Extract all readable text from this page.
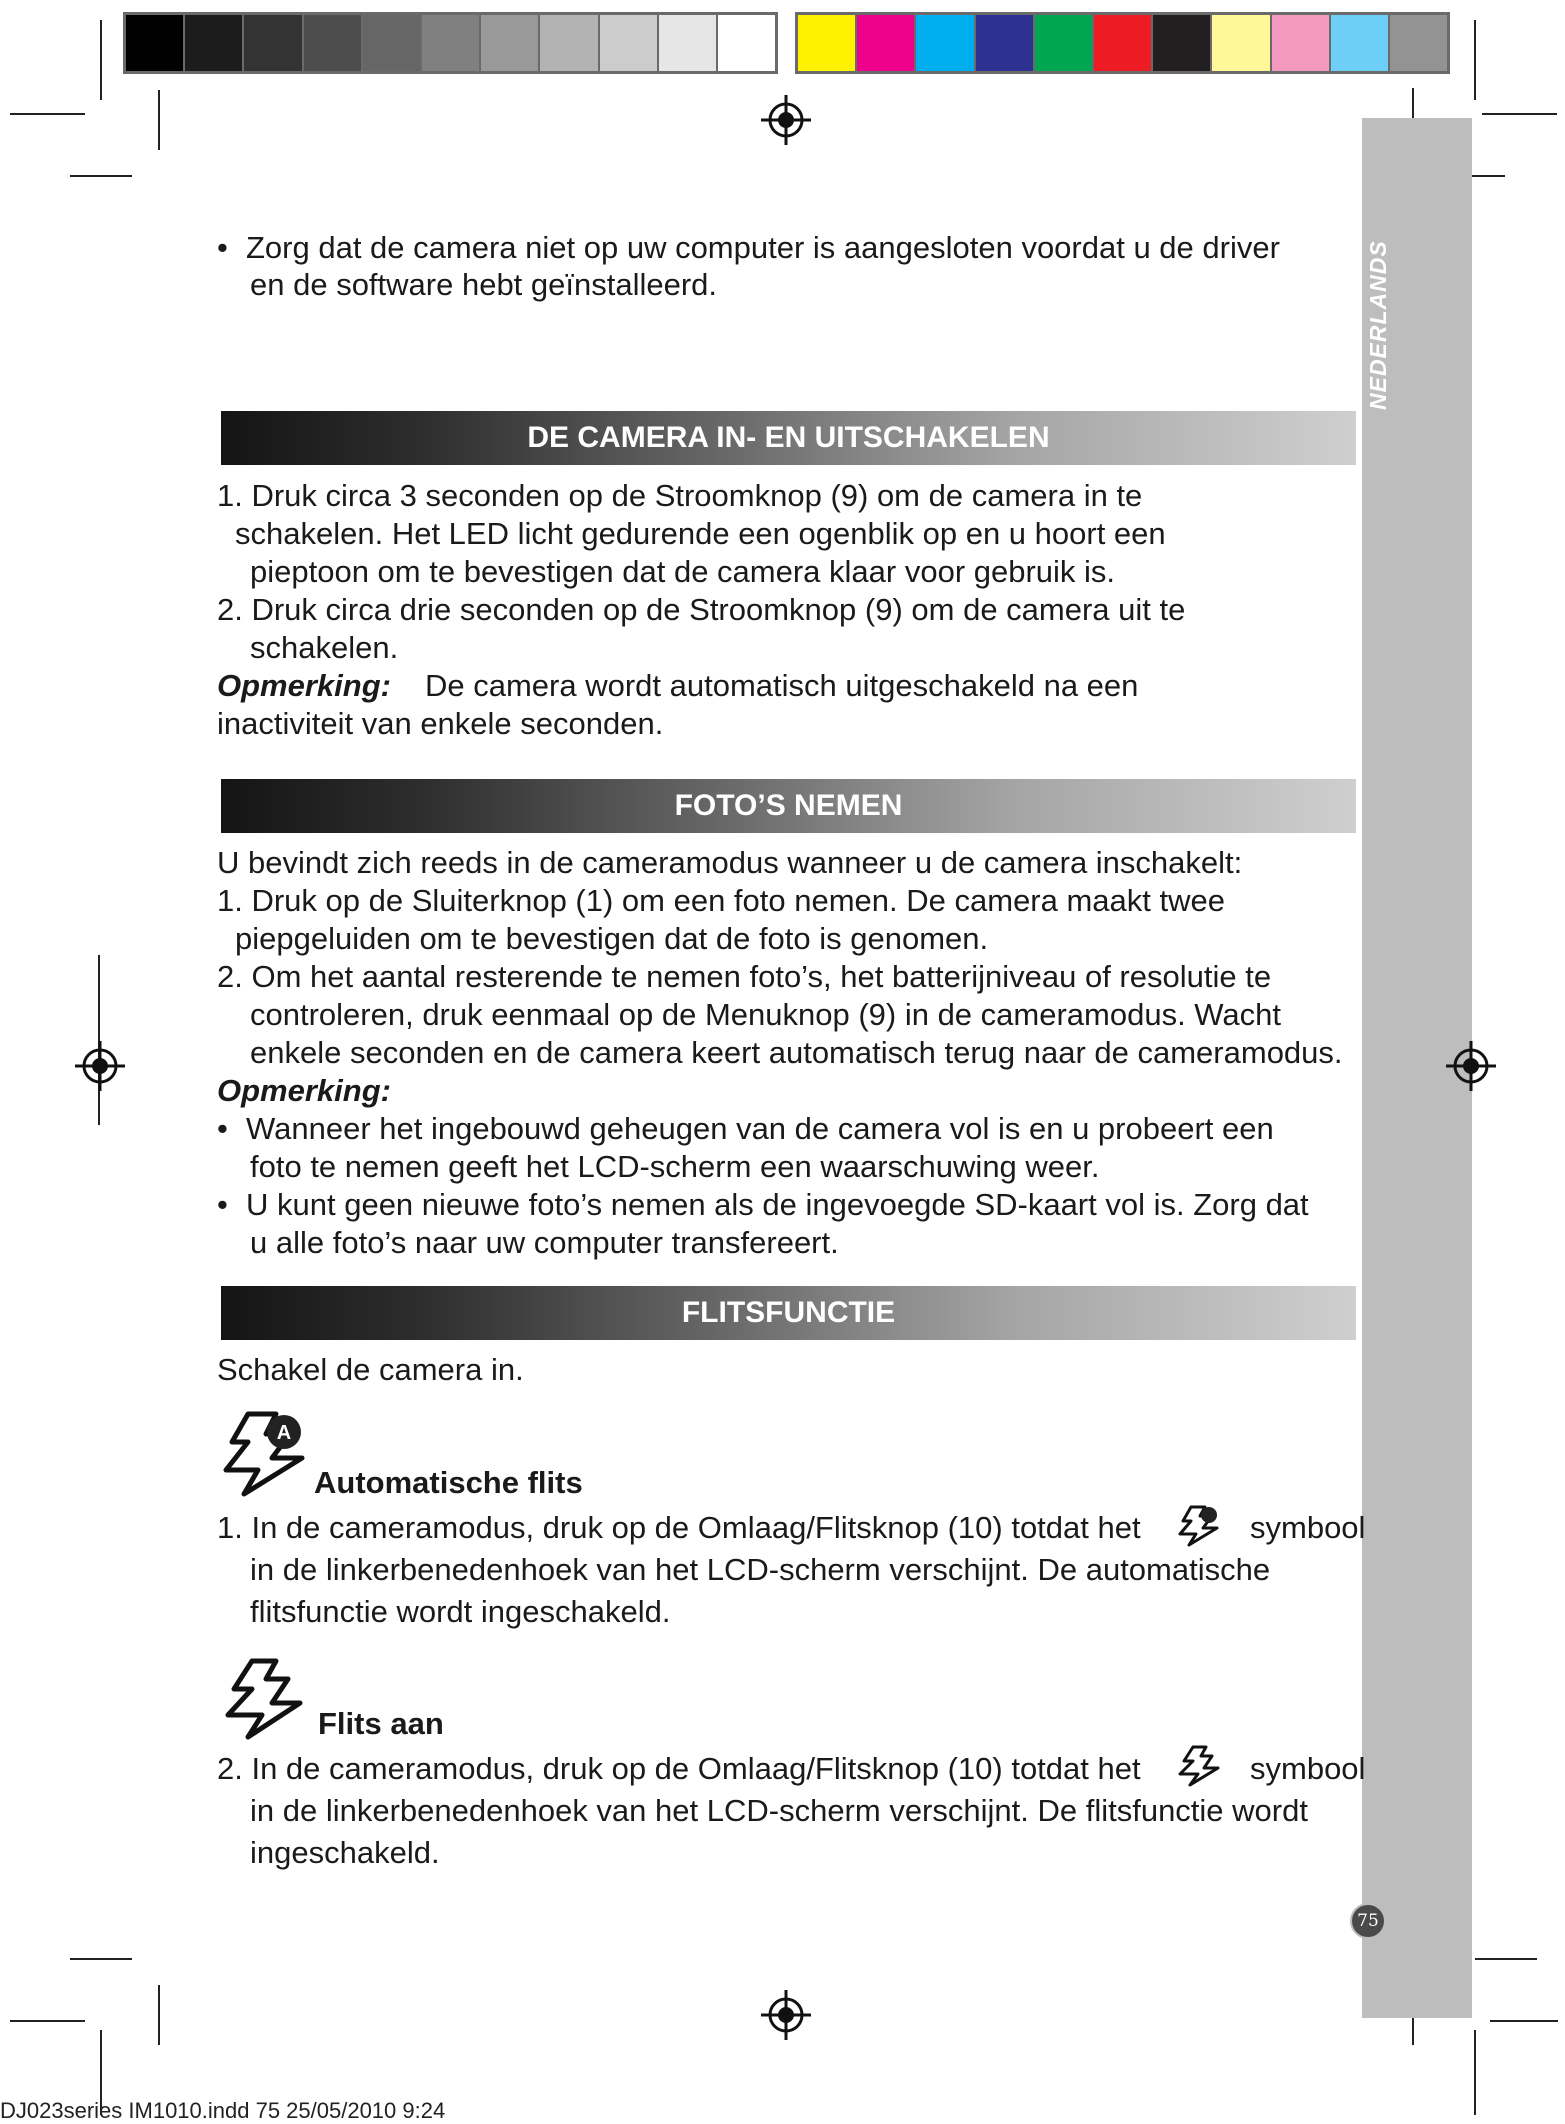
• Zorg dat de camera niet op uw computer is aangesloten voordat u de driver
en de software hebt geïnstalleerd.
DE CAMERA IN- EN UITSCHAKELEN
1. Druk circa 3 seconden op de Stroomknop (9) om de camera in te
schakelen. Het LED licht gedurende een ogenblik op en u hoort een
pieptoon om te bevestigen dat de camera klaar voor gebruik is.
2. Druk circa drie seconden op de Stroomknop (9) om de camera uit te
schakelen.
Opmerking: De camera wordt automatisch uitgeschakeld na een
inactiviteit van enkele seconden.
FOTO’S NEMEN
U bevindt zich reeds in de cameramodus wanneer u de camera inschakelt:
1. Druk op de Sluiterknop (1) om een foto nemen. De camera maakt twee
piepgeluiden om te bevestigen dat de foto is genomen.
2. Om het aantal resterende te nemen foto’s, het batterijniveau of resolutie te
controleren, druk eenmaal op de Menuknop (9) in de cameramodus. Wacht
enkele seconden en de camera keert automatisch terug naar de cameramodus.
Opmerking:
• Wanneer het ingebouwd geheugen van de camera vol is en u probeert een
foto te nemen geeft het LCD-scherm een waarschuwing weer.
• U kunt geen nieuwe foto’s nemen als de ingevoegde SD-kaart vol is. Zorg dat
u alle foto’s naar uw computer transfereert.
FLITSFUNCTIE
Schakel de camera in.
A
Automatische flits
1. In de cameramodus, druk op de Omlaag/Flitsknop (10) totdat het	symbool
in de linkerbenedenhoek van het LCD-scherm verschijnt. De automatische
flitsfunctie wordt ingeschakeld.
Flits aan
2. In de cameramodus, druk op de Omlaag/Flitsknop (10) totdat het	symbool
in de linkerbenedenhoek van het LCD-scherm verschijnt. De flitsfunctie wordt
ingeschakeld.
75
DJ023series IM1010.indd 75 25/05/2010 9:24
